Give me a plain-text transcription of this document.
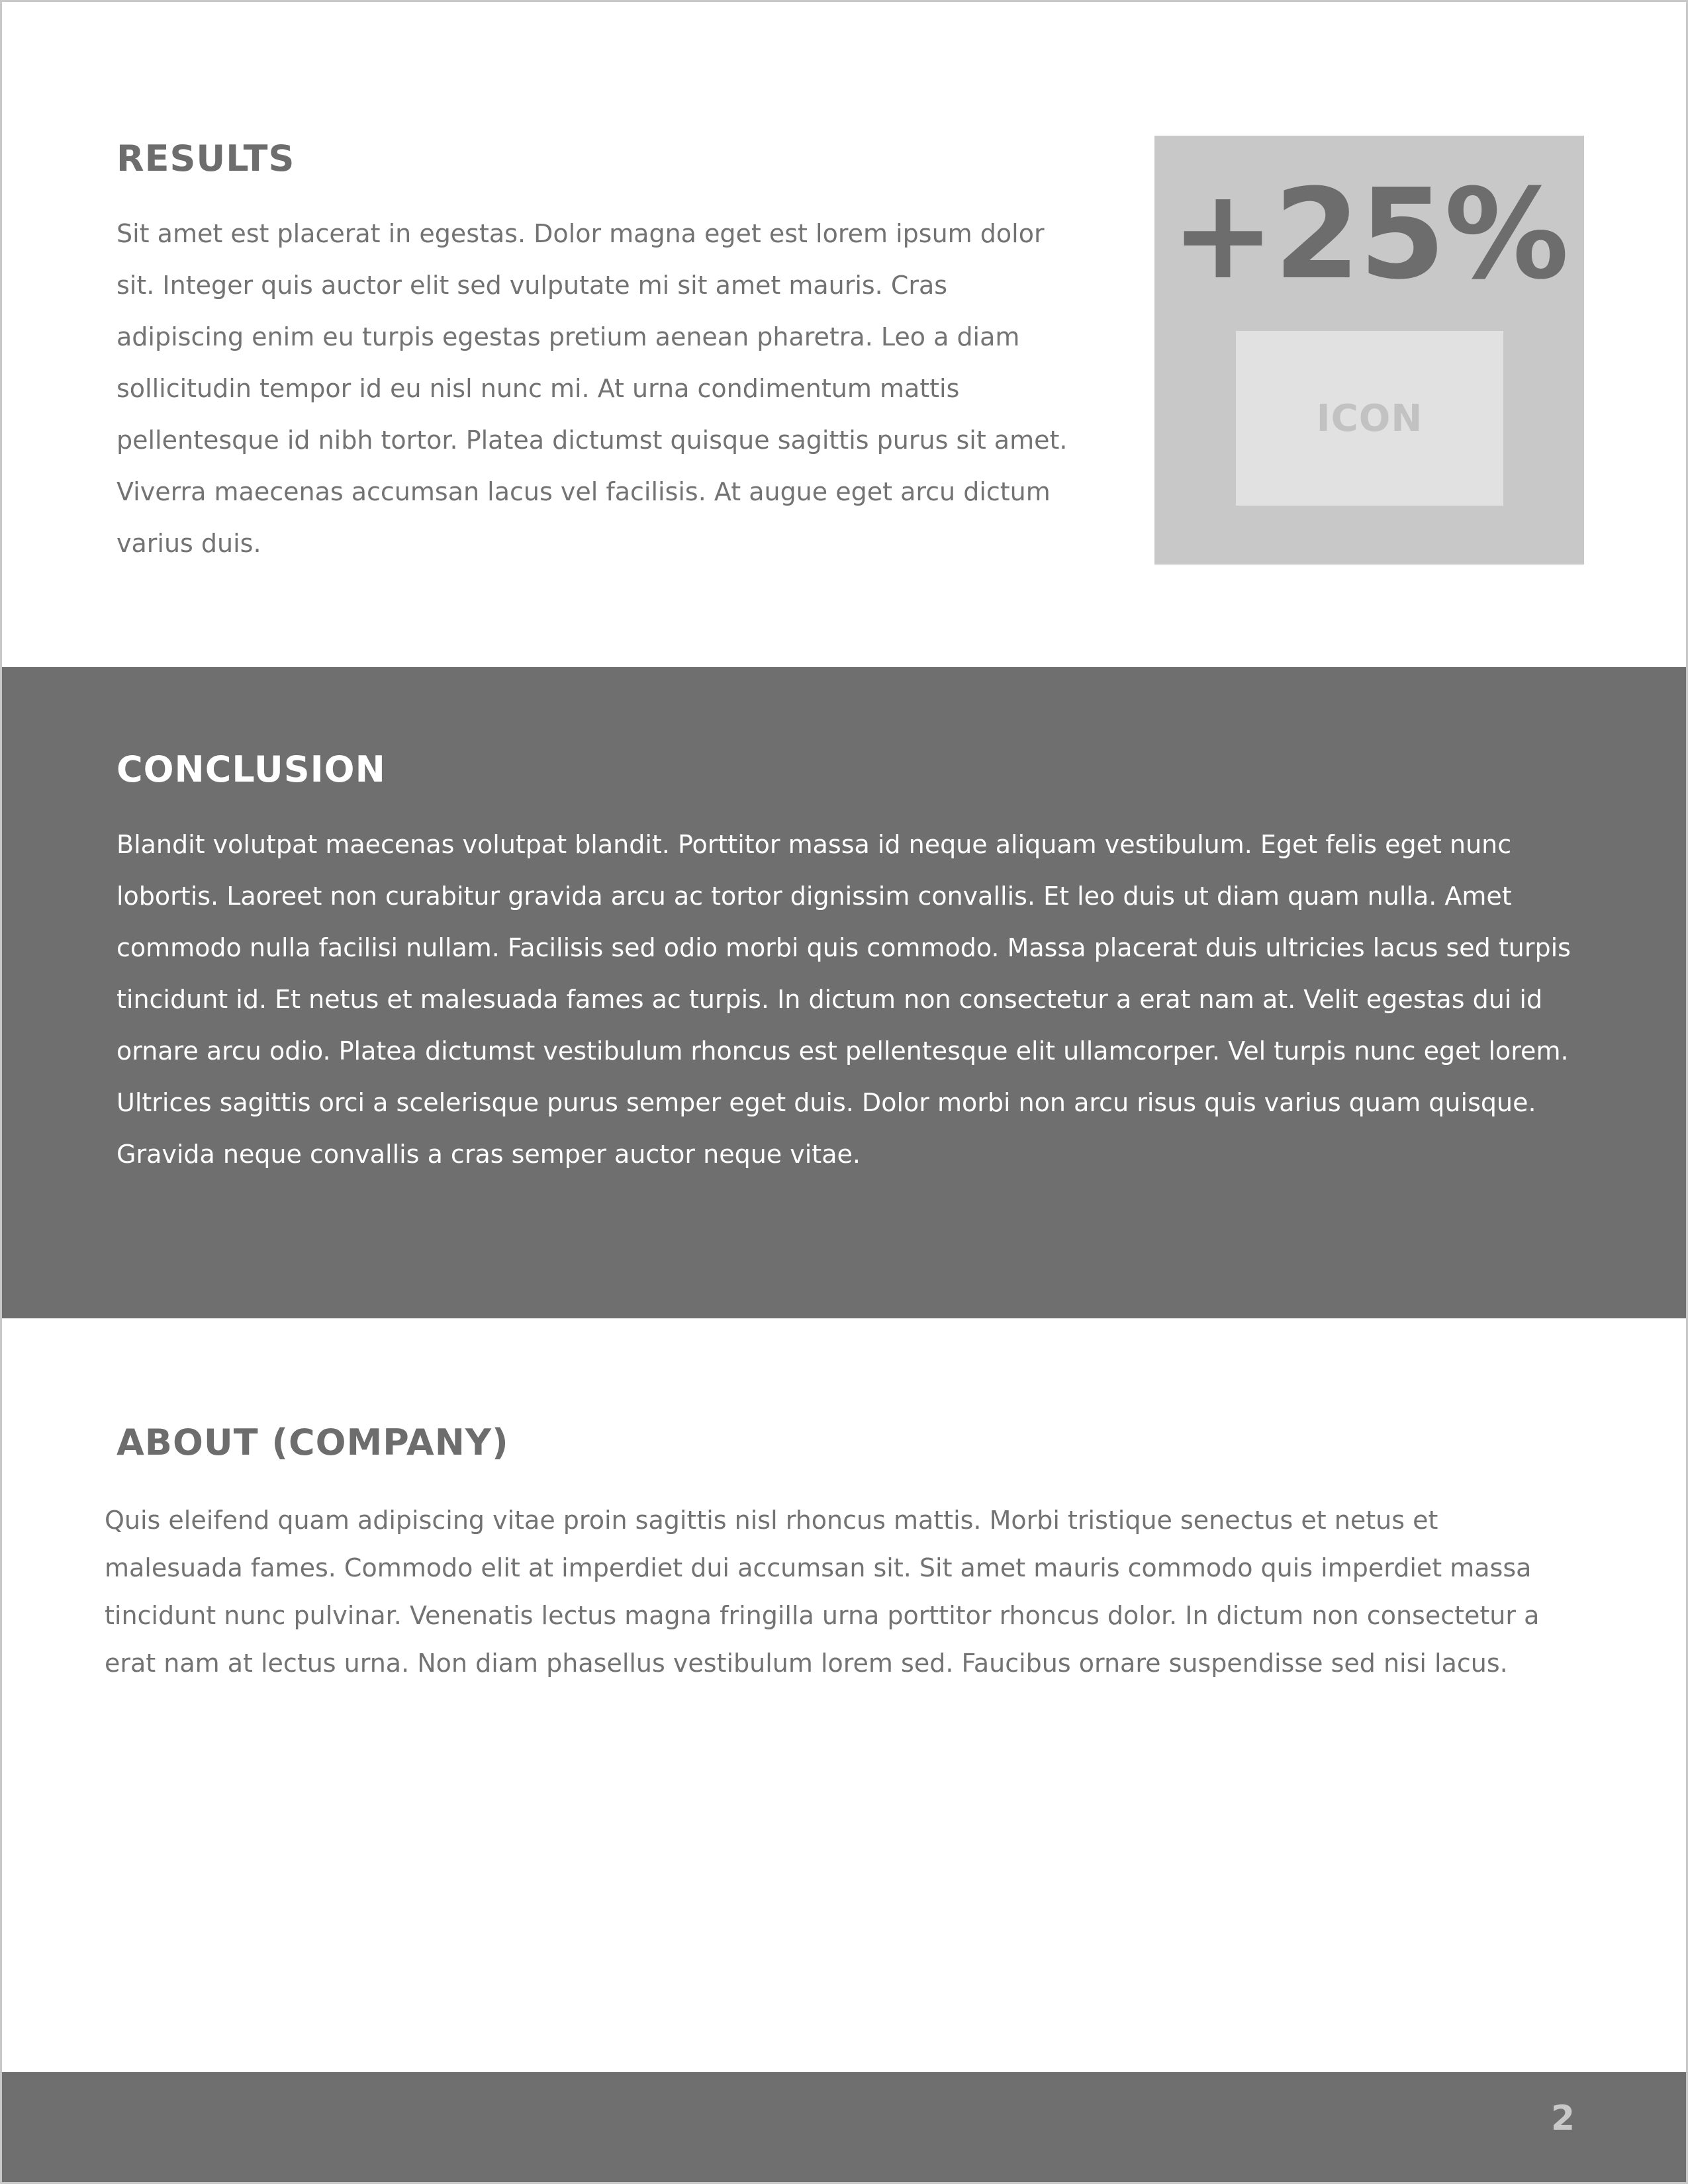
RESULTS

Sit amet est placerat in egestas. Dolor magna eget est lorem ipsum dolor sit. Integer quis auctor elit sed vulputate mi sit amet mauris. Cras adipiscing enim eu turpis egestas pretium aenean pharetra. Leo a diam sollicitudin tempor id eu nisl nunc mi. At urna condimentum mattis pellentesque id nibh tortor. Platea dictumst quisque sagittis purus sit amet. Viverra maecenas accumsan lacus vel facilisis. At augue eget arcu dictum varius duis.

+25%
ICON
CONCLUSION

Blandit volutpat maecenas volutpat blandit. Porttitor massa id neque aliquam vestibulum. Eget felis eget nunc lobortis. Laoreet non curabitur gravida arcu ac tortor dignissim convallis. Et leo duis ut diam quam nulla. Amet commodo nulla facilisi nullam. Facilisis sed odio morbi quis commodo. Massa placerat duis ultricies lacus sed turpis tincidunt id. Et netus et malesuada fames ac turpis. In dictum non consectetur a erat nam at. Velit egestas dui id ornare arcu odio. Platea dictumst vestibulum rhoncus est pellentesque elit ullamcorper. Vel turpis nunc eget lorem. Ultrices sagittis orci a scelerisque purus semper eget duis. Dolor morbi non arcu risus quis varius quam quisque. Gravida neque convallis a cras semper auctor neque vitae.

ABOUT (COMPANY)

Quis eleifend quam adipiscing vitae proin sagittis nisl rhoncus mattis. Morbi tristique senectus et netus et malesuada fames. Commodo elit at imperdiet dui accumsan sit. Sit amet mauris commodo quis imperdiet massa tincidunt nunc pulvinar. Venenatis lectus magna fringilla urna porttitor rhoncus dolor. In dictum non consectetur a erat nam at lectus urna. Non diam phasellus vestibulum lorem sed. Faucibus ornare suspendisse sed nisi lacus.

2
